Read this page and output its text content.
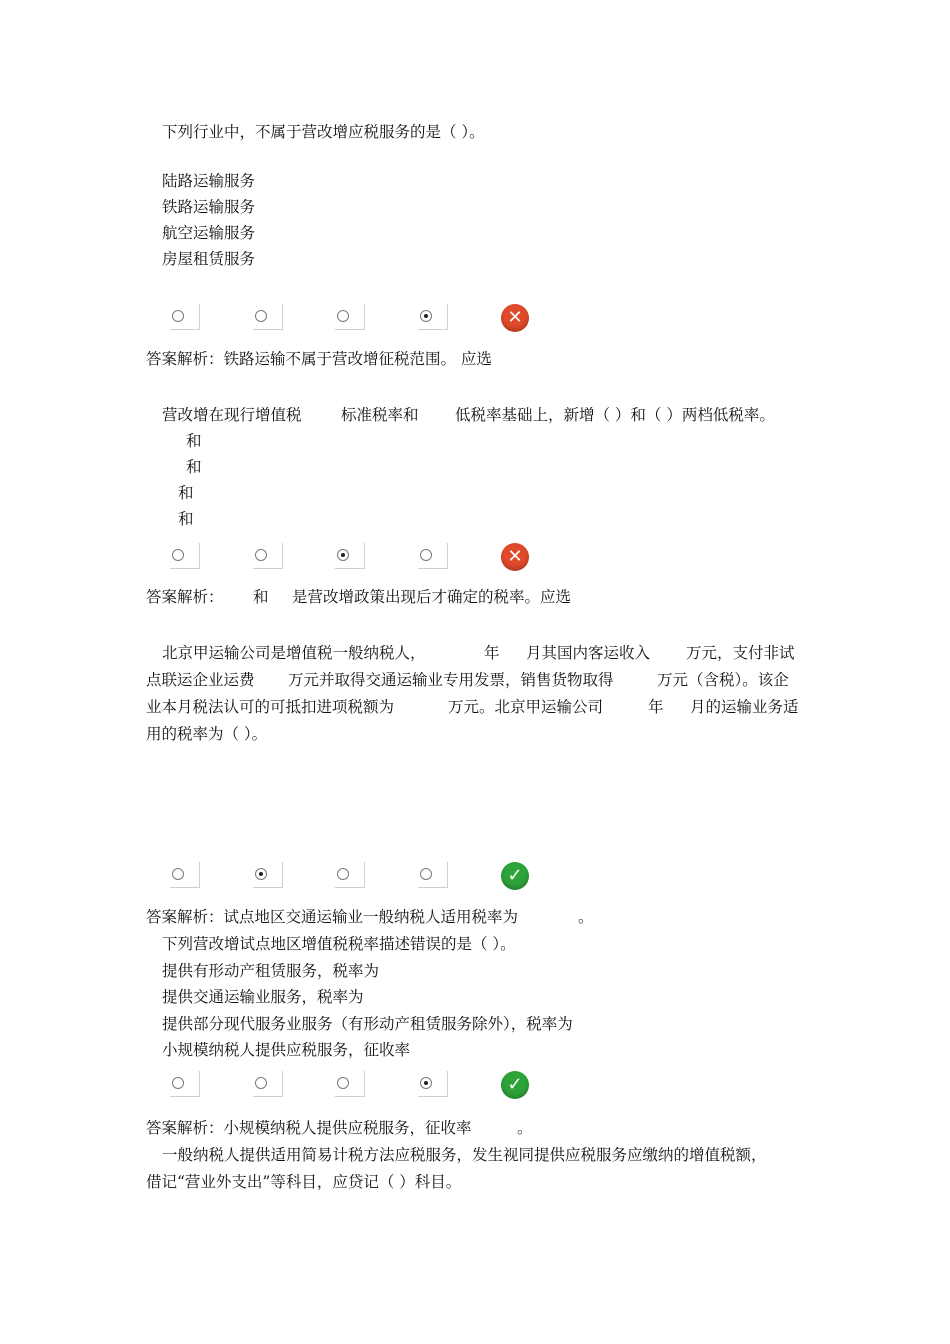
下列行业中，不属于营改增应税服务的是（ ）。
陆路运输服务
铁路运输服务
航空运输服务
房屋租赁服务
✕
答案解析：铁路运输不属于营改增征税范围。 应选
营改增在现行增值税	标准税率和 低税率基础上，新增（ ）和（ ）两档低税率。
和
和
和
和
✕
答案解析： 和 是营改增政策出现后才确定的税率。应选
北京甲运输公司是增值税一般纳税人，	年 月其国内客运收入 万元，支付非试
点联运企业运费 万元并取得交通运输业专用发票，销售货物取得	万元（含税）。该企
业本月税法认可的可抵扣进项税额为	万元。北京甲运输公司	年 月的运输业务适
用的税率为（ ）。
✓
答案解析：试点地区交通运输业一般纳税人适用税率为	。
下列营改增试点地区增值税税率描述错误的是（ ）。
提供有形动产租赁服务，税率为
提供交通运输业服务，税率为
提供部分现代服务业服务（有形动产租赁服务除外），税率为
小规模纳税人提供应税服务，征收率
✓
答案解析：小规模纳税人提供应税服务，征收率	。
一般纳税人提供适用简易计税方法应税服务，发生视同提供应税服务应缴纳的增值税额，
借记“营业外支出”等科目，应贷记（ ）科目。
